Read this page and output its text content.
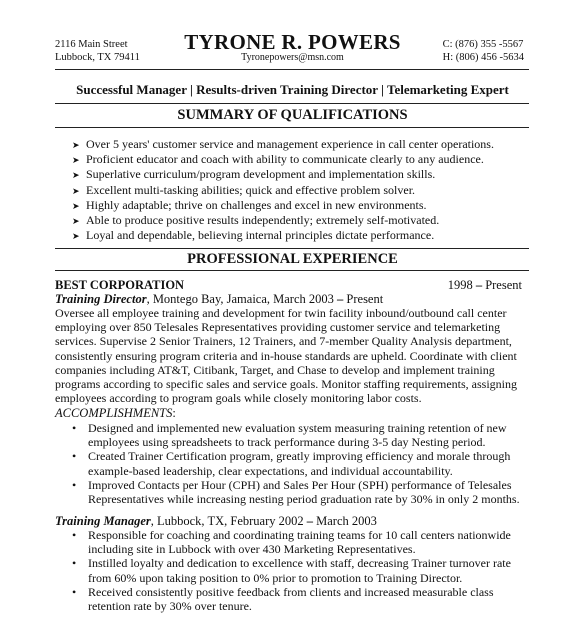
2116 Main Street
Lubbock, TX 79411
TYRONE R. POWERS
Tyronepowers@msn.com
C: (876) 355 -5567
H: (806) 456 -5634
Successful Manager | Results-driven Training Director | Telemarketing Expert
SUMMARY OF QUALIFICATIONS
➤ Over 5 years' customer service and management experience in call center operations.
➤ Proficient educator and coach with ability to communicate clearly to any audience.
➤ Superlative curriculum/program development and implementation skills.
➤ Excellent multi-tasking abilities; quick and effective problem solver.
➤ Highly adaptable; thrive on challenges and excel in new environments.
➤ Able to produce positive results independently; extremely self-motivated.
➤ Loyal and dependable, believing internal principles dictate performance.
PROFESSIONAL EXPERIENCE
BEST CORPORATION	1998 – Present
Training Director, Montego Bay, Jamaica, March 2003 – Present
Oversee all employee training and development for twin facility inbound/outbound call center
employing over 850 Telesales Representatives providing customer service and telemarketing
services. Supervise 2 Senior Trainers, 12 Trainers, and 7-member Quality Analysis department,
consistently ensuring program criteria and in-house standards are upheld. Coordinate with client
companies including AT&T, Citibank, Target, and Chase to develop and implement training
programs according to specific sales and service goals. Monitor staffing requirements, assigning
employees according to program goals while closely monitoring labor costs.
ACCOMPLISHMENTS:
• Designed and implemented new evaluation system measuring training retention of new
employees using spreadsheets to track performance during 3-5 day Nesting period.
• Created Trainer Certification program, greatly improving efficiency and morale through
example-based leadership, clear expectations, and individual accountability.
• Improved Contacts per Hour (CPH) and Sales Per Hour (SPH) performance of Telesales
Representatives while increasing nesting period graduation rate by 30% in only 2 months.
Training Manager, Lubbock, TX, February 2002 – March 2003
• Responsible for coaching and coordinating training teams for 10 call centers nationwide
including site in Lubbock with over 430 Marketing Representatives.
• Instilled loyalty and dedication to excellence with staff, decreasing Trainer turnover rate
from 60% upon taking position to 0% prior to promotion to Training Director.
• Received consistently positive feedback from clients and increased measurable class
retention rate by 30% over tenure.
